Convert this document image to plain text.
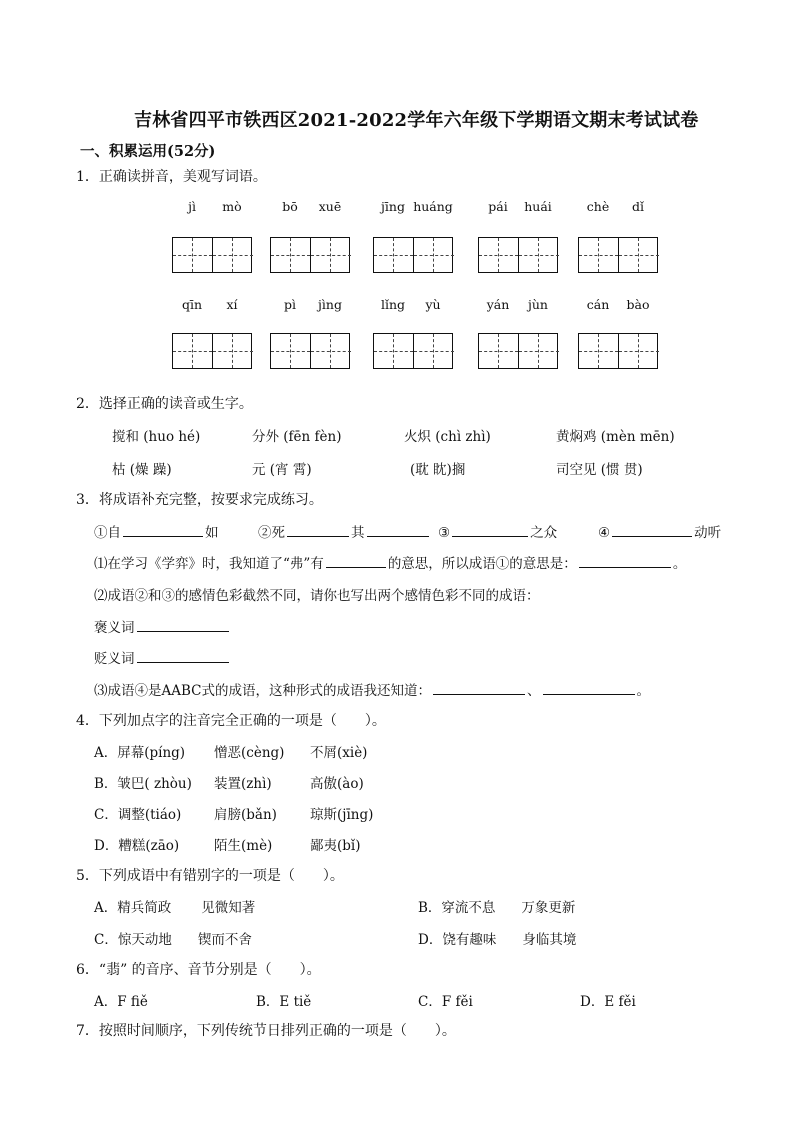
吉林省四平市铁西区2021-2022学年六年级下学期语文期末考试试卷
一、积累运用(52分)
1．正确读拼音，美观写词语。
jì mò	bō xuē	jīng huáng	pái huái	chè dǐ
qīn xí	pì jìng	lǐng yù	yán jùn	cán bào
2．选择正确的读音或生字。
搅和 (huo hé)	分外 (fēn fèn)	火炽 (chì zhì)	黄焖鸡 (mèn mēn)
枯 (燥 躁)	元 (宵 霄)	(耽 眈)搁	司空见 (惯 贯)
3．将成语补充完整，按要求完成练习。
①自	如	②死	其	③	之众	④	动听
⑴在学习《学弈》时，我知道了“弗”有	的意思，所以成语①的意思是：	。
⑵成语②和③的感情色彩截然不同，请你也写出两个感情色彩不同的成语：
褒义词
贬义词
⑶成语④是AABC式的成语，这种形式的成语我还知道：	、	。
4．下列加点字的注音完全正确的一项是（　　）。
A．屏幕(píng) 憎恶(cèng) 不屑(xiè)
B．皱巴( zhòu) 装置(zhì)	高傲(ào)
C．调整(tiáo) 肩膀(bǎn) 琼斯(jīng)
D．糟糕(zāo)	陌生(mè)	鄙夷(bǐ)
5．下列成语中有错别字的一项是（　　）。
A．精兵简政 见微知著	B．穿流不息 万象更新
C．惊天动地 锲而不舍	D．饶有趣味 身临其境
6．“翡” 的音序、音节分别是（　　）。
A．F fiě	B．E tiě	C．F fěi	D．E fěi
7．按照时间顺序，下列传统节日排列正确的一项是（　　）。
